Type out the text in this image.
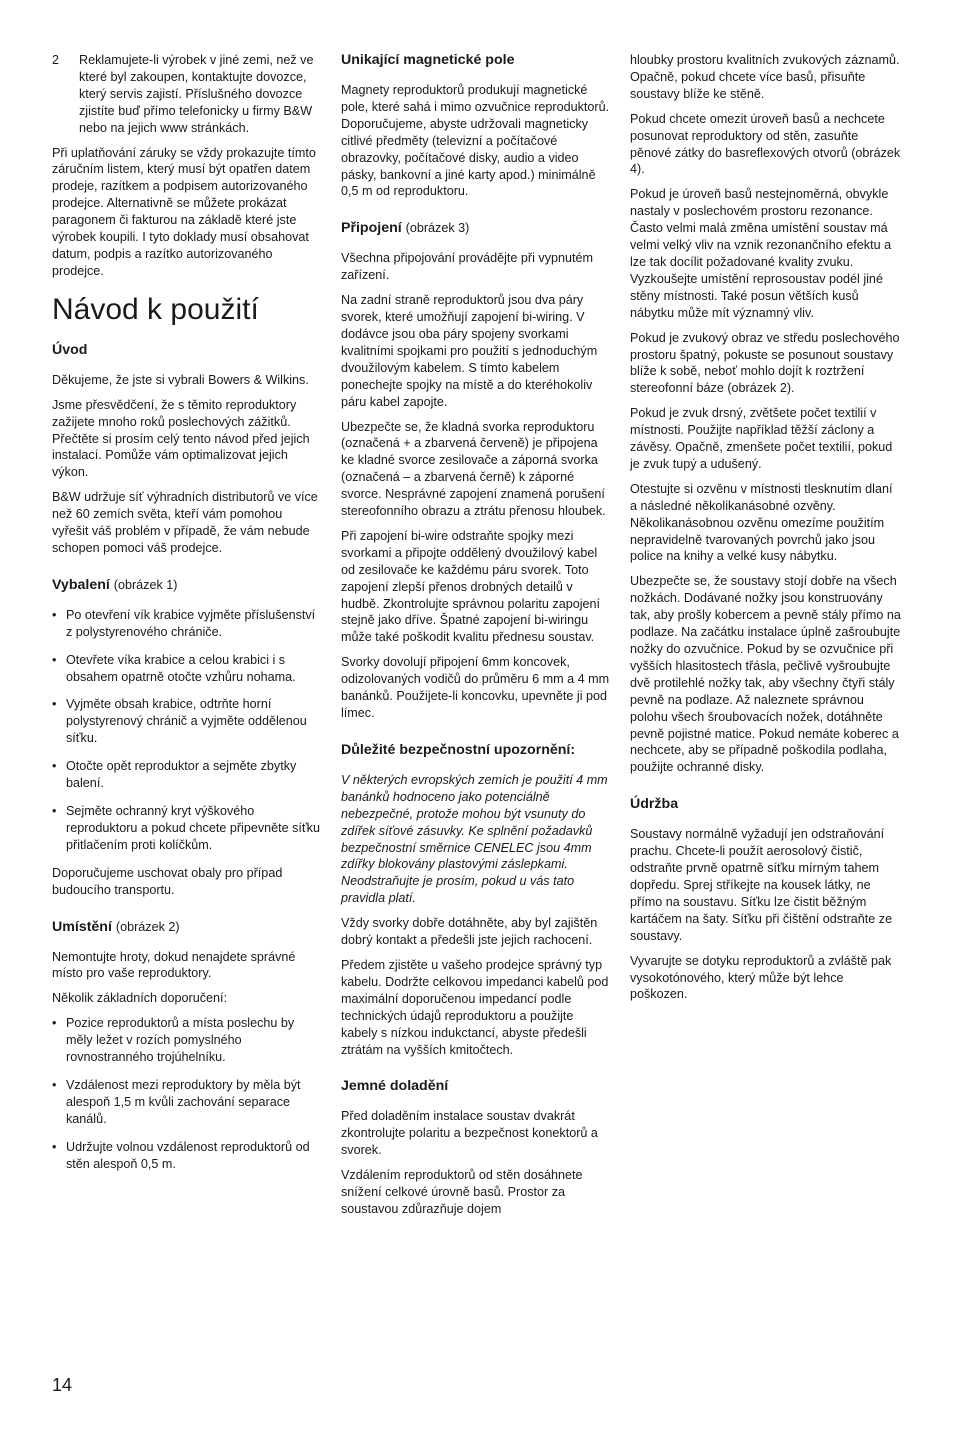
2	Reklamujete-li výrobek v jiné zemi, než ve které byl zakoupen, kontaktujte dovozce, který servis zajistí. Příslušného dovozce zjistíte buď přímo telefonicky u firmy B&W nebo na jejich www stránkách.

Při uplatňování záruky se vždy prokazujte tímto záručním listem, který musí být opatřen datem prodeje, razítkem a podpisem autorizovaného prodejce. Alternativně se můžete prokázat paragonem či fakturou na základě které jste výrobek koupili. I tyto doklady musí obsahovat datum, podpis a razítko autorizovaného prodejce.

Návod k použití
Úvod

Děkujeme, že jste si vybrali Bowers & Wilkins.

Jsme přesvědčení, že s těmito reproduktory zažijete mnoho roků poslechových zážitků. Přečtěte si prosím celý tento návod před jejich instalací. Pomůže vám optimalizovat jejich výkon.

B&W udržuje síť výhradních distributorů ve více než 60 zemích světa, kteří vám pomohou vyřešit váš problém v případě, že vám nebude schopen pomoci váš prodejce.

Vybalení (obrázek 1)
• Po otevření vík krabice vyjměte příslušenství z polystyrenového chrániče.
• Otevřete víka krabice a celou krabici i s obsahem opatrně otočte vzhůru nohama.
• Vyjměte obsah krabice, odtrňte horní polystyrenový chránič a vyjměte oddělenou síťku.
• Otočte opět reproduktor a sejměte zbytky balení.
• Sejměte ochranný kryt výškového reproduktoru a pokud chcete připevněte síťku přitlačením proti kolíčkům.

Doporučujeme uschovat obaly pro případ budoucího transportu.

Umístění (obrázek 2)

Nemontujte hroty, dokud nenajdete správné místo pro vaše reproduktory.

Několik základních doporučení:

• Pozice reproduktorů a místa poslechu by měly ležet v rozích pomyslného rovnostranného trojúhelníku.
• Vzdálenost mezi reproduktory by měla být alespoň 1,5 m kvůli zachování separace kanálů.
• Udržujte volnou vzdálenost reproduktorů od stěn alespoň 0,5 m.
Unikající magnetické pole

Magnety reproduktorů produkují magnetické pole, které sahá i mimo ozvučnice reproduktorů. Doporučujeme, abyste udržovali magneticky citlivé předměty (televizní a počítačové obrazovky, počítačové disky, audio a video pásky, bankovní a jiné karty apod.) minimálně 0,5 m od reproduktoru.

Připojení (obrázek 3)

Všechna připojování provádějte při vypnutém zařízení.

Na zadní straně reproduktorů jsou dva páry svorek, které umožňují zapojení bi-wiring. V dodávce jsou oba páry spojeny svorkami kvalitními spojkami pro použití s jednoduchým dvoužilovým kabelem. S tímto kabelem ponechejte spojky na místě a do kteréhokoliv páru kabel zapojte.

Ubezpečte se, že kladná svorka reproduktoru (označená + a zbarvená červeně) je připojena ke kladné svorce zesilovače a záporná svorka (označená – a zbarvená černě) k záporné svorce. Nesprávné zapojení znamená porušení stereofonního obrazu a ztrátu přenosu hloubek.

Při zapojení bi-wire odstraňte spojky mezi svorkami a připojte oddělený dvoužilový kabel od zesilovače ke každému páru svorek. Toto zapojení zlepší přenos drobných detailů v hudbě. Zkontrolujte správnou polaritu zapojení stejně jako dříve. Špatné zapojení bi-wiringu může také poškodit kvalitu přednesu soustav.

Svorky dovolují připojení 6mm koncovek, odizolovaných vodičů do průměru 6 mm a 4 mm banánků. Použijete-li koncovku, upevněte ji pod límec.

Důležité bezpečnostní upozornění:

V některých evropských zemích je použití 4 mm banánků hodnoceno jako potenciálně nebezpečné, protože mohou být vsunuty do zdířek síťové zásuvky. Ke splnění požadavků bezpečnostní směrnice CENELEC jsou 4mm zdířky blokovány plastovými záslepkami. Neodstraňujte je prosím, pokud u vás tato pravidla platí.

Vždy svorky dobře dotáhněte, aby byl zajištěn dobrý kontakt a předešli jste jejich rachocení.

Předem zjistěte u vašeho prodejce správný typ kabelu. Dodržte celkovou impedanci kabelů pod maximální doporučenou impedancí podle technických údajů reproduktoru a použijte kabely s nízkou indukctancí, abyste předešli ztrátám na vyšších kmitočtech.

Jemné doladění

Před doladěním instalace soustav dvakrát zkontrolujte polaritu a bezpečnost konektorů a svorek.

Vzdálením reproduktorů od stěn dosáhnete snížení celkové úrovně basů. Prostor za soustavou zdůrazňuje dojem

hloubky prostoru kvalitních zvukových záznamů. Opačně, pokud chcete více basů, přisuňte soustavy blíže ke stěně.

Pokud chcete omezit úroveň basů a nechcete posunovat reproduktory od stěn, zasuňte pěnové zátky do basreflexových otvorů (obrázek 4).

Pokud je úroveň basů nestejnoměrná, obvykle nastaly v poslechovém prostoru rezonance. Často velmi malá změna umístění soustav má velmi velký vliv na vznik rezonančního efektu a lze tak docílit požadované kvality zvuku. Vyzkoušejte umístění reprosoustav podél jiné stěny místnosti. Také posun větších kusů nábytku může mít významný vliv.

Pokud je zvukový obraz ve středu poslechového prostoru špatný, pokuste se posunout soustavy blíže k sobě, neboť mohlo dojít k roztržení stereofonní báze (obrázek 2).

Pokud je zvuk drsný, zvětšete počet textilií v místnosti. Použijte například těžší záclony a závěsy. Opačně, zmenšete počet textilií, pokud je zvuk tupý a udušený.

Otestujte si ozvěnu v místnosti tlesknutím dlaní a následné několikanásobné ozvěny. Několikanásobnou ozvěnu omezíme použitím nepravidelně tvarovaných povrchů jako jsou police na knihy a velké kusy nábytku.

Ubezpečte se, že soustavy stojí dobře na všech nožkách. Dodávané nožky jsou konstruovány tak, aby prošly kobercem a pevně stály přímo na podlaze. Na začátku instalace úplně zašroubujte nožky do ozvučnice. Pokud by se ozvučnice při vyšších hlasitostech třásla, pečlivě vyšroubujte dvě protilehlé nožky tak, aby všechny čtyři stály pevně na podlaze. Až naleznete správnou polohu všech šroubovacích nožek, dotáhněte pevně pojistné matice. Pokud nemáte koberec a nechcete, aby se případně poškodila podlaha, použijte ochranné disky.

Údržba

Soustavy normálně vyžadují jen odstraňování prachu. Chcete-li použít aerosolový čistič, odstraňte prvně opatrně síťku mírným tahem dopředu. Sprej stříkejte na kousek látky, ne přímo na soustavu. Síťku lze čistit běžným kartáčem na šaty. Síťku při čištění odstraňte ze soustavy.

Vyvarujte se dotyku reproduktorů a zvláště pak vysokotónového, který může být lehce poškozen.

14
